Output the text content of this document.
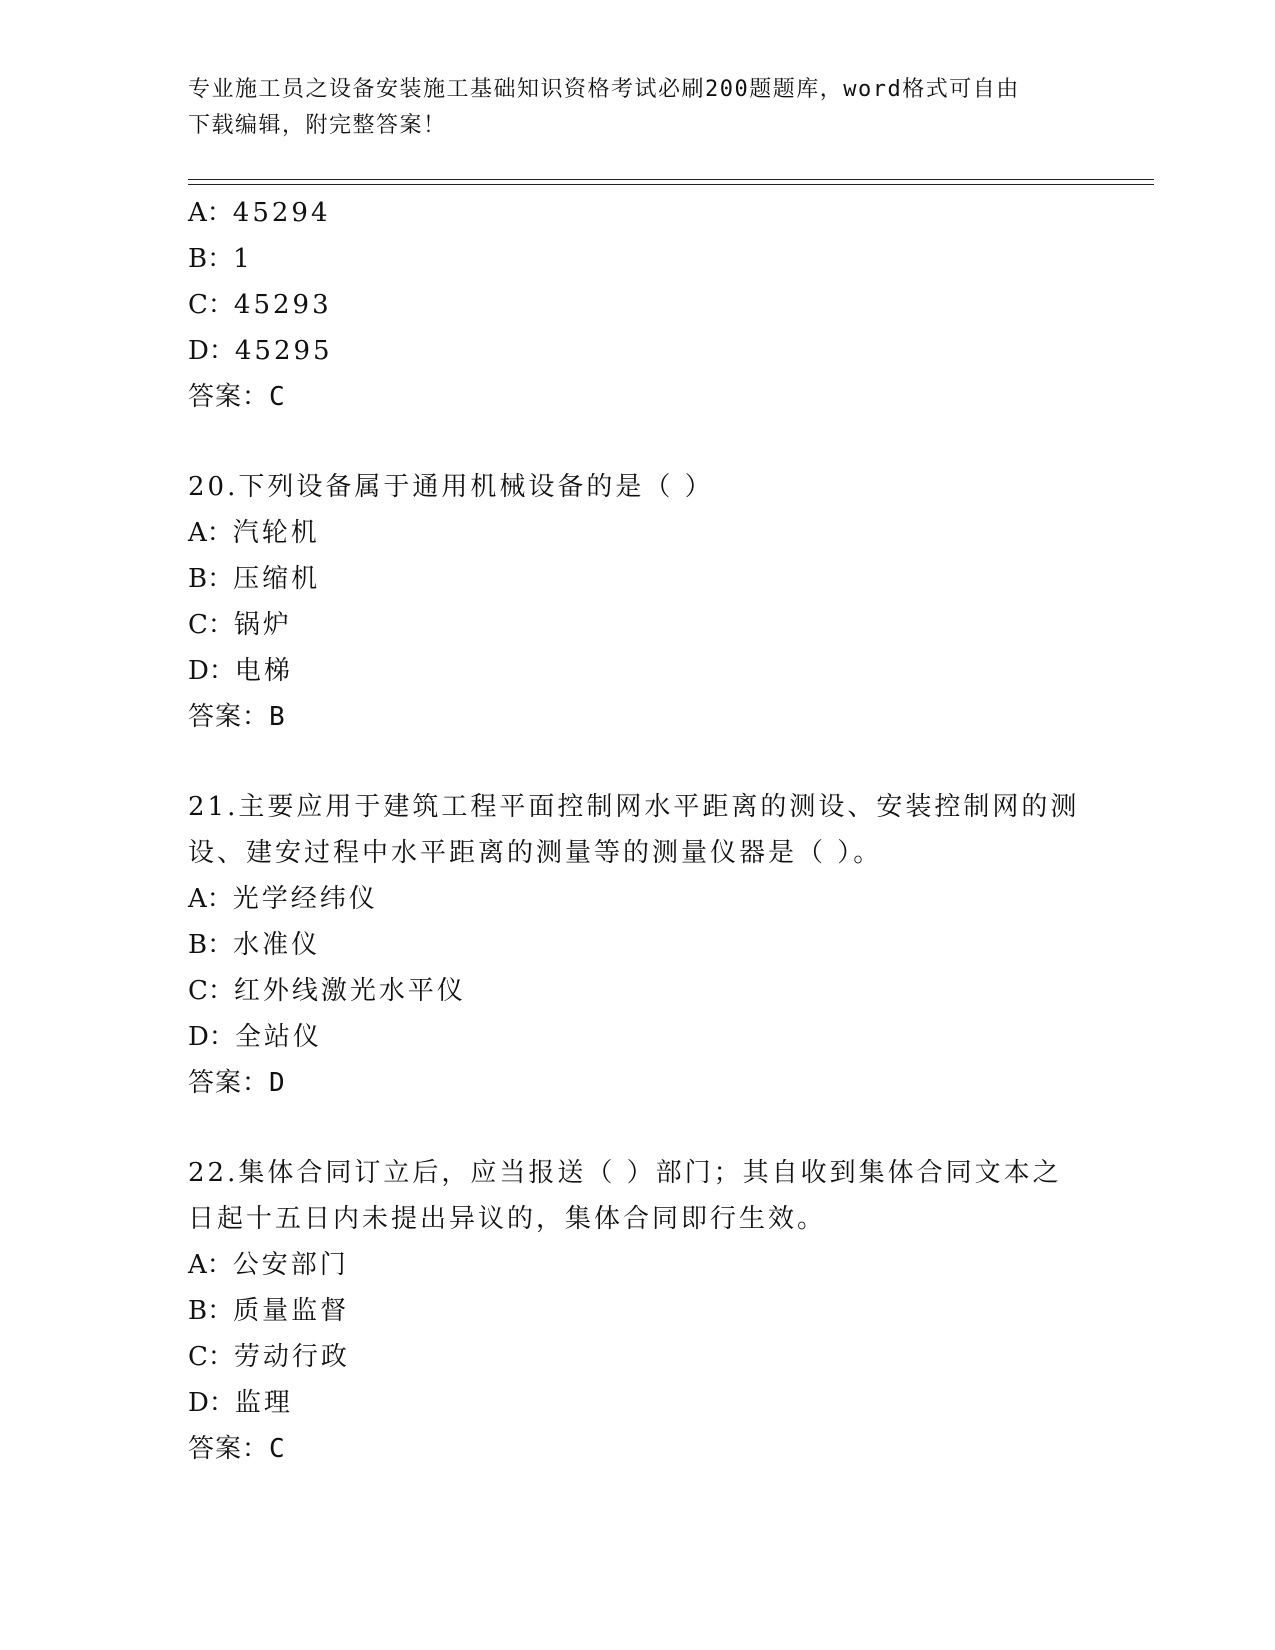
专业施工员之设备安装施工基础知识资格考试必刷200题题库，word格式可自由
下载编辑，附完整答案！
A：45294
B：1
C：45293
D：45295
答案：C
20.下列设备属于通用机械设备的是（ ）
A：汽轮机
B：压缩机
C：锅炉
D：电梯
答案：B
21.主要应用于建筑工程平面控制网水平距离的测设、安装控制网的测
设、建安过程中水平距离的测量等的测量仪器是（ ）。
A：光学经纬仪
B：水准仪
C：红外线激光水平仪
D：全站仪
答案：D
22.集体合同订立后，应当报送（ ）部门；其自收到集体合同文本之
日起十五日内未提出异议的，集体合同即行生效。
A：公安部门
B：质量监督
C：劳动行政
D：监理
答案：C
